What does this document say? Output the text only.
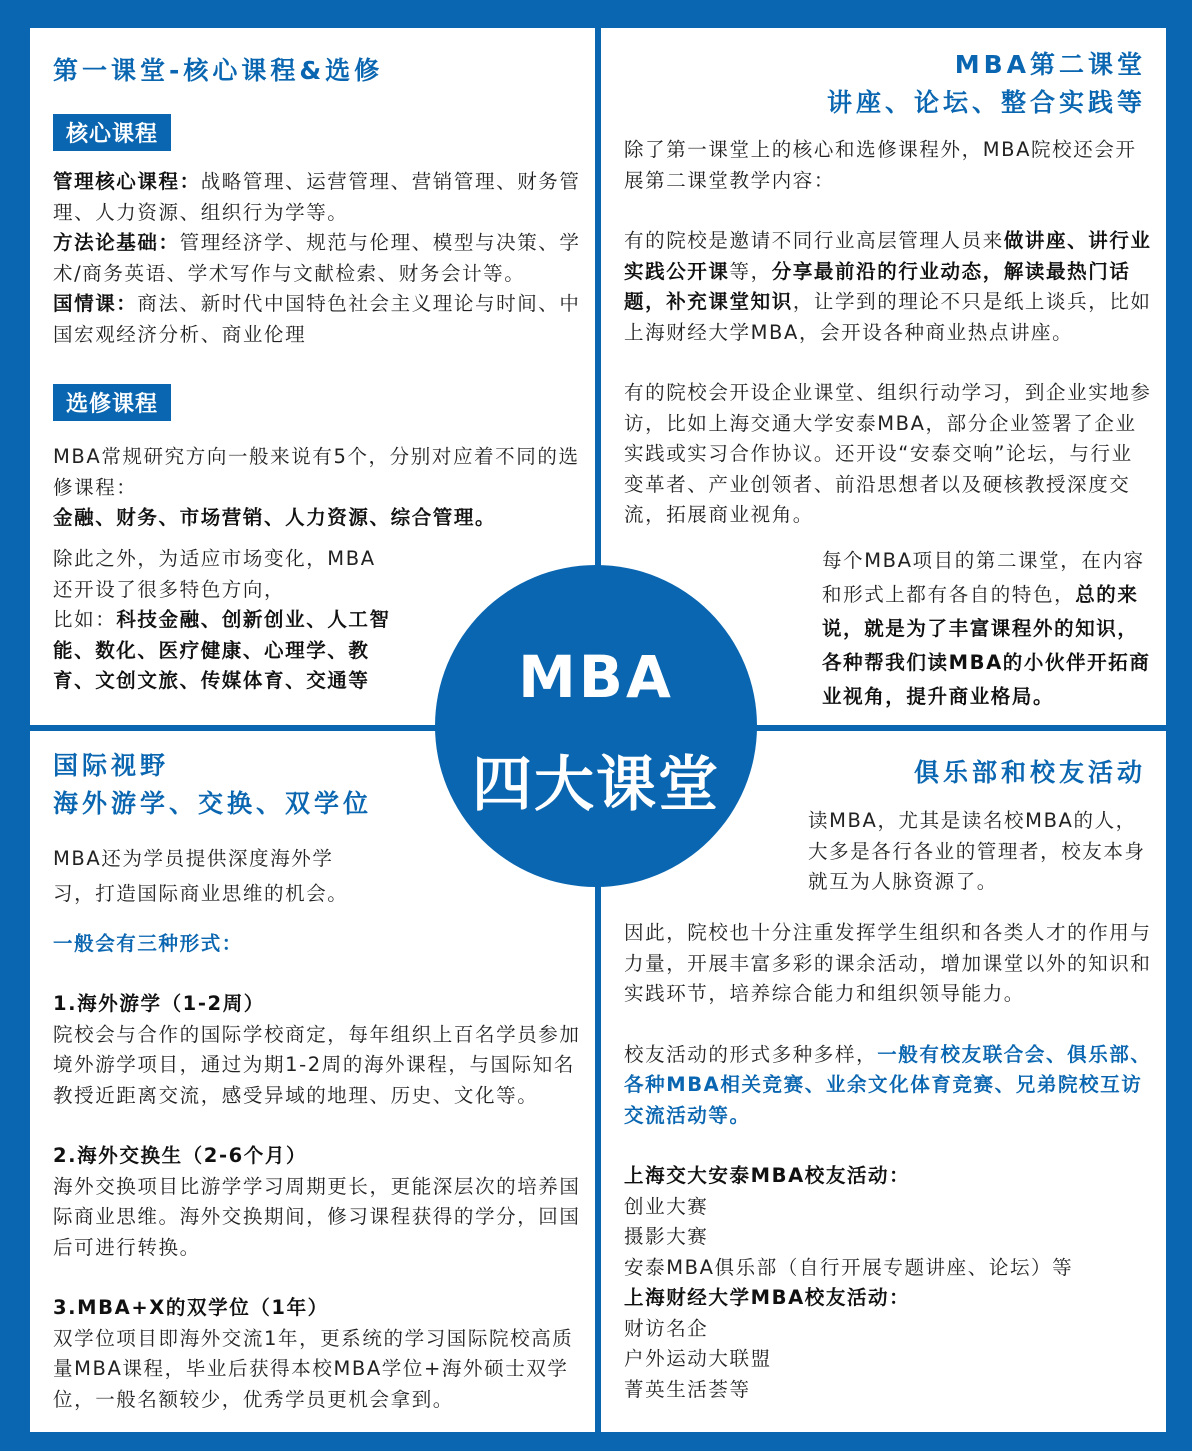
第一课堂-核心课程&选修
核心课程

管理核心课程：战略管理、运营管理、营销管理、财务管理、人力资源、组织行为学等。

方法论基础：管理经济学、规范与伦理、模型与决策、学术/商务英语、学术写作与文献检索、财务会计等。

国情课：商法、新时代中国特色社会主义理论与时间、中国宏观经济分析、商业伦理

选修课程

MBA常规研究方向一般来说有5个，分别对应着不同的选修课程：

金融、财务、市场营销、人力资源、综合管理。

除此之外，为适应市场变化，MBA

还开设了很多特色方向，

比如：科技金融、创新创业、人工智能、数化、医疗健康、心理学、教育、文创文旅、传媒体育、交通等

MBA第二课堂
讲座、论坛、整合实践等

除了第一课堂上的核心和选修课程外，MBA院校还会开展第二课堂教学内容：

有的院校是邀请不同行业高层管理人员来做讲座、讲行业实践公开课等，分享最前沿的行业动态，解读最热门话题，补充课堂知识，让学到的理论不只是纸上谈兵，比如上海财经大学MBA，会开设各种商业热点讲座。

有的院校会开设企业课堂、组织行动学习，到企业实地参访，比如上海交通大学安泰MBA，部分企业签署了企业实践或实习合作协议。还开设“安泰交响”论坛，与行业变革者、产业创领者、前沿思想者以及硬核教授深度交流，拓展商业视角。

每个MBA项目的第二课堂，在内容和形式上都有各自的特色，总的来说，就是为了丰富课程外的知识，各种帮我们读MBA的小伙伴开拓商业视角，提升商业格局。

国际视野
海外游学、交换、双学位

MBA还为学员提供深度海外学

习，打造国际商业思维的机会。

一般会有三种形式：

1.海外游学（1-2周）

院校会与合作的国际学校商定，每年组织上百名学员参加境外游学项目，通过为期1-2周的海外课程，与国际知名教授近距离交流，感受异域的地理、历史、文化等。

2.海外交换生（2-6个月）

海外交换项目比游学学习周期更长，更能深层次的培养国际商业思维。海外交换期间，修习课程获得的学分，回国后可进行转换。

3.MBA+X的双学位（1年）

双学位项目即海外交流1年，更系统的学习国际院校高质量MBA课程，毕业后获得本校MBA学位+海外硕士双学位，一般名额较少，优秀学员更机会拿到。

俱乐部和校友活动
读MBA，尤其是读名校MBA的人，大多是各行各业的管理者，校友本身就互为人脉资源了。

因此，院校也十分注重发挥学生组织和各类人才的作用与力量，开展丰富多彩的课余活动，增加课堂以外的知识和实践环节，培养综合能力和组织领导能力。

校友活动的形式多种多样，一般有校友联合会、俱乐部、各种MBA相关竞赛、业余文化体育竞赛、兄弟院校互访交流活动等。

上海交大安泰MBA校友活动：

创业大赛

摄影大赛

安泰MBA俱乐部（自行开展专题讲座、论坛）等

上海财经大学MBA校友活动：

财访名企

户外运动大联盟

菁英生活荟等

MBA
四大课堂
